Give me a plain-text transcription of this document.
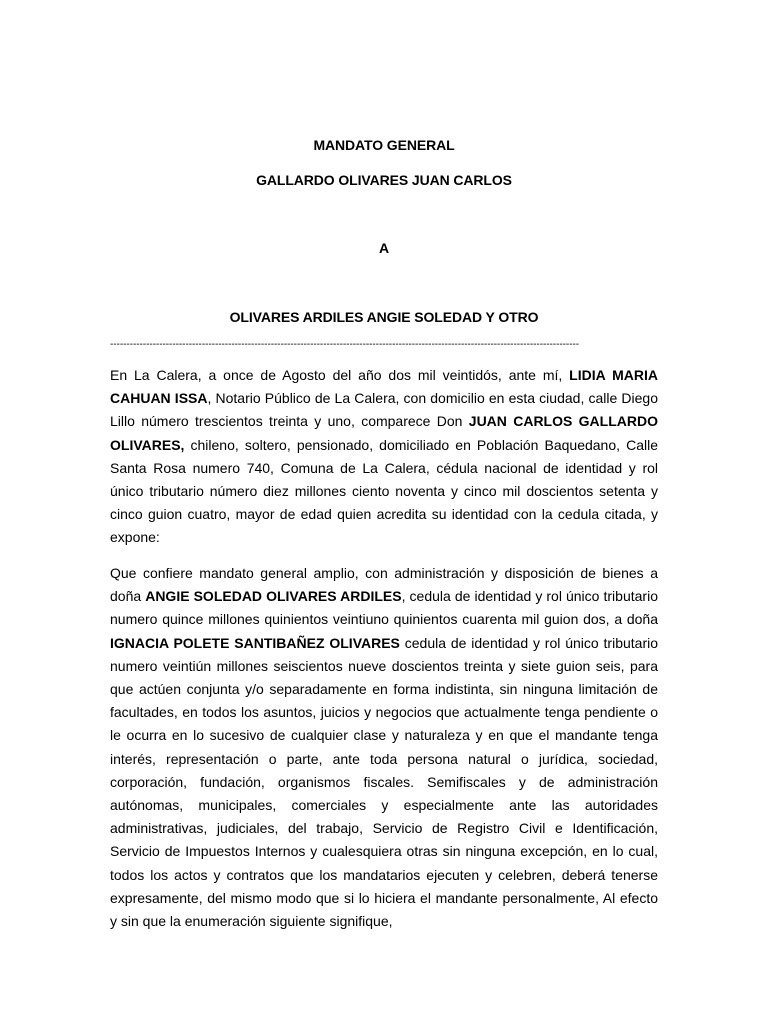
MANDATO GENERAL
GALLARDO OLIVARES JUAN CARLOS
A
OLIVARES ARDILES ANGIE SOLEDAD Y OTRO
-----------------------------------------------------------------------------------------------------------------------------------------------

En La Calera, a once de Agosto del año dos mil veintidós, ante mí, LIDIA MARIA CAHUAN ISSA, Notario Público de La Calera, con domicilio en esta ciudad, calle Diego Lillo número trescientos treinta y uno, comparece Don JUAN CARLOS GALLARDO OLIVARES, chileno, soltero, pensionado, domiciliado en Población Baquedano, Calle Santa Rosa numero 740, Comuna de La Calera, cédula nacional de identidad y rol único tributario número diez millones ciento noventa y cinco mil doscientos setenta y cinco guion cuatro, mayor de edad quien acredita su identidad con la cedula citada, y expone:

Que confiere mandato general amplio, con administración y disposición de bienes a doña ANGIE SOLEDAD OLIVARES ARDILES, cedula de identidad y rol único tributario numero quince millones quinientos veintiuno quinientos cuarenta mil guion dos, a doña IGNACIA POLETE SANTIBAÑEZ OLIVARES cedula de identidad y rol único tributario numero veintiún millones seiscientos nueve doscientos treinta y siete guion seis, para que actúen conjunta y/o separadamente en forma indistinta, sin ninguna limitación de facultades, en todos los asuntos, juicios y negocios que actualmente tenga pendiente o le ocurra en lo sucesivo de cualquier clase y naturaleza y en que el mandante tenga interés, representación o parte, ante toda persona natural o jurídica, sociedad, corporación, fundación, organismos fiscales. Semifiscales y de administración autónomas, municipales, comerciales y especialmente ante las autoridades administrativas, judiciales, del trabajo, Servicio de Registro Civil e Identificación, Servicio de Impuestos Internos y cualesquiera otras sin ninguna excepción, en lo cual, todos los actos y contratos que los mandatarios ejecuten y celebren, deberá tenerse expresamente, del mismo modo que si lo hiciera el mandante personalmente, Al efecto y sin que la enumeración siguiente signifique,
